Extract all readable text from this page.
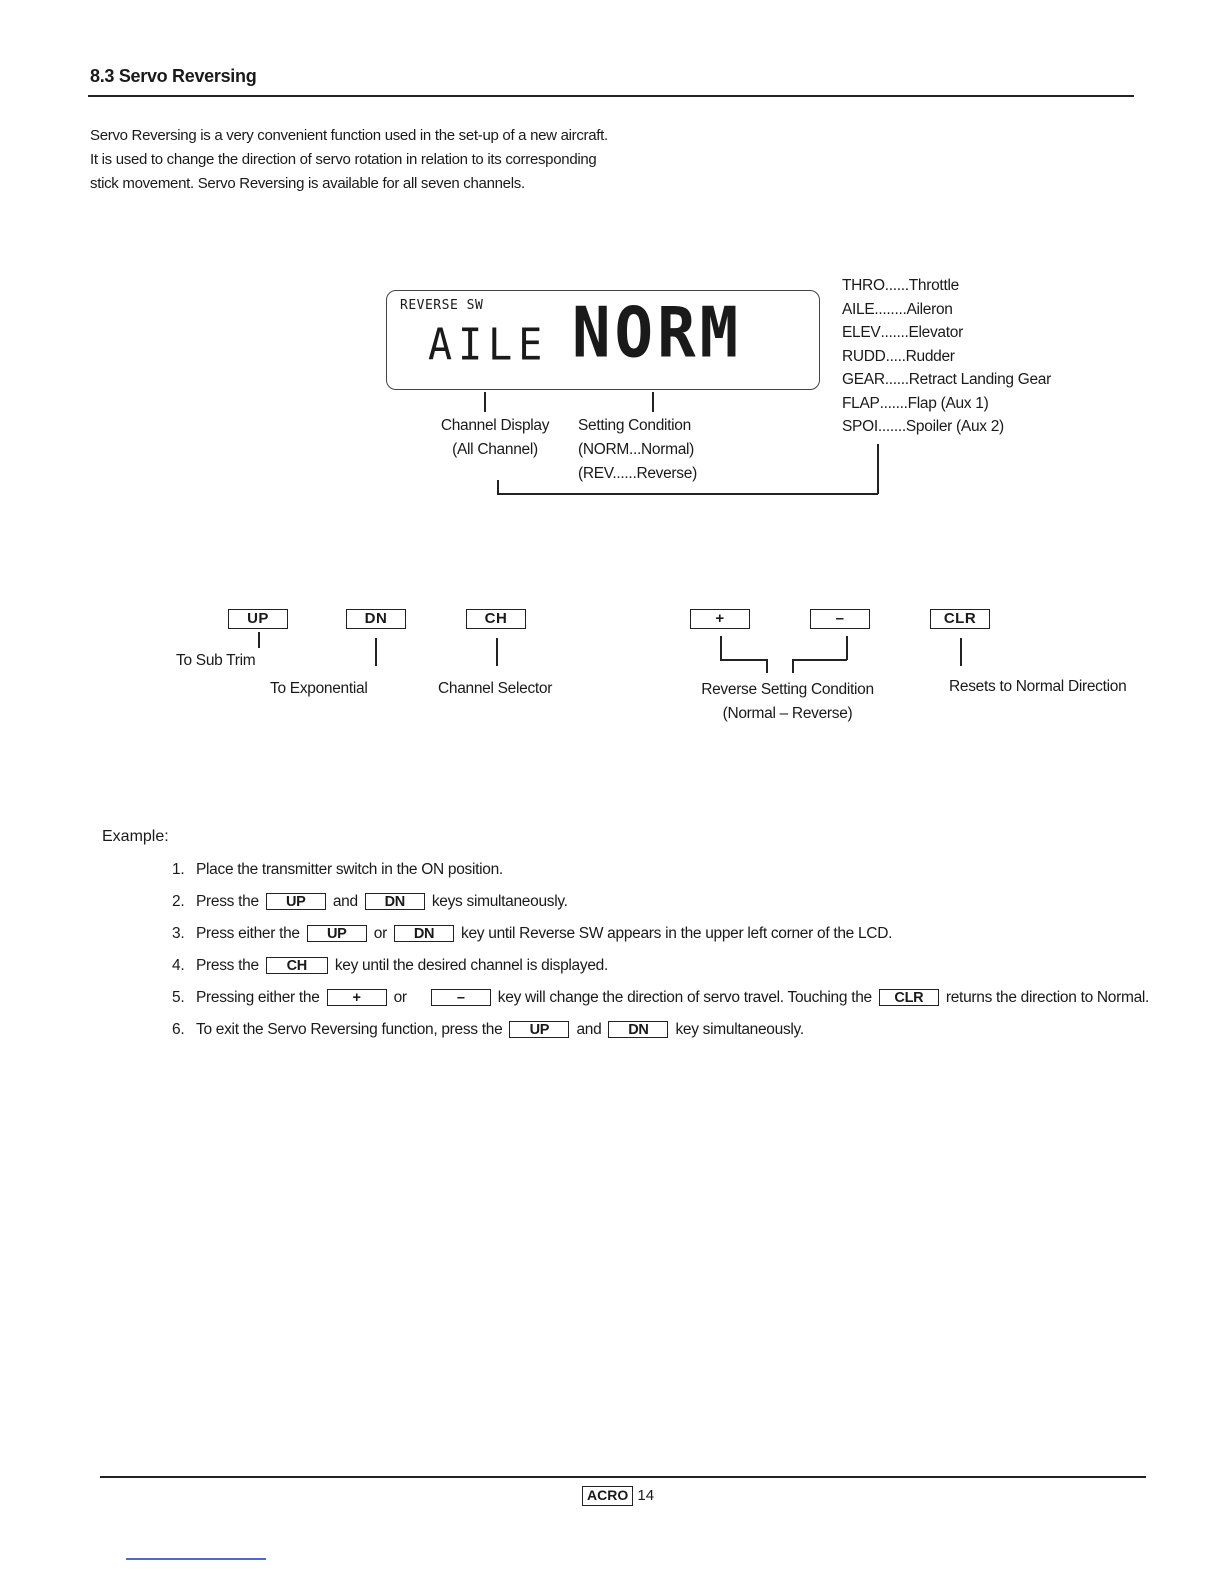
8.3 Servo Reversing
Servo Reversing is a very convenient function used in the set-up of a new aircraft. It is used to change the direction of servo rotation in relation to its corresponding stick movement. Servo Reversing is available for all seven channels.
REVERSE SW
AILE NORM
Channel Display
(All Channel)
Setting Condition
(NORM...Normal)
(REV......Reverse)
THRO......Throttle
AILE........Aileron
ELEV.......Elevator
RUDD.....Rudder
GEAR......Retract Landing Gear
FLAP.......Flap (Aux 1)
SPOI.......Spoiler (Aux 2)
UP	DN	CH	+	–	CLR
To Sub Trim
To Exponential	Channel Selector	Reverse Setting Condition
(Normal – Reverse)
Resets to Normal Direction
Example:
1. Place the transmitter switch in the ON position.
2. Press the UP and DN keys simultaneously.
3. Press either the UP or DN key until Reverse SW appears in the upper left corner of the LCD.
4. Press the CH key until the desired channel is displayed.
5. Pressing either the + or	– key will change the direction of servo travel. Touching the CLR returns the direction to Normal.
6. To exit the Servo Reversing function, press the UP and DN key simultaneously.
ACRO 14
